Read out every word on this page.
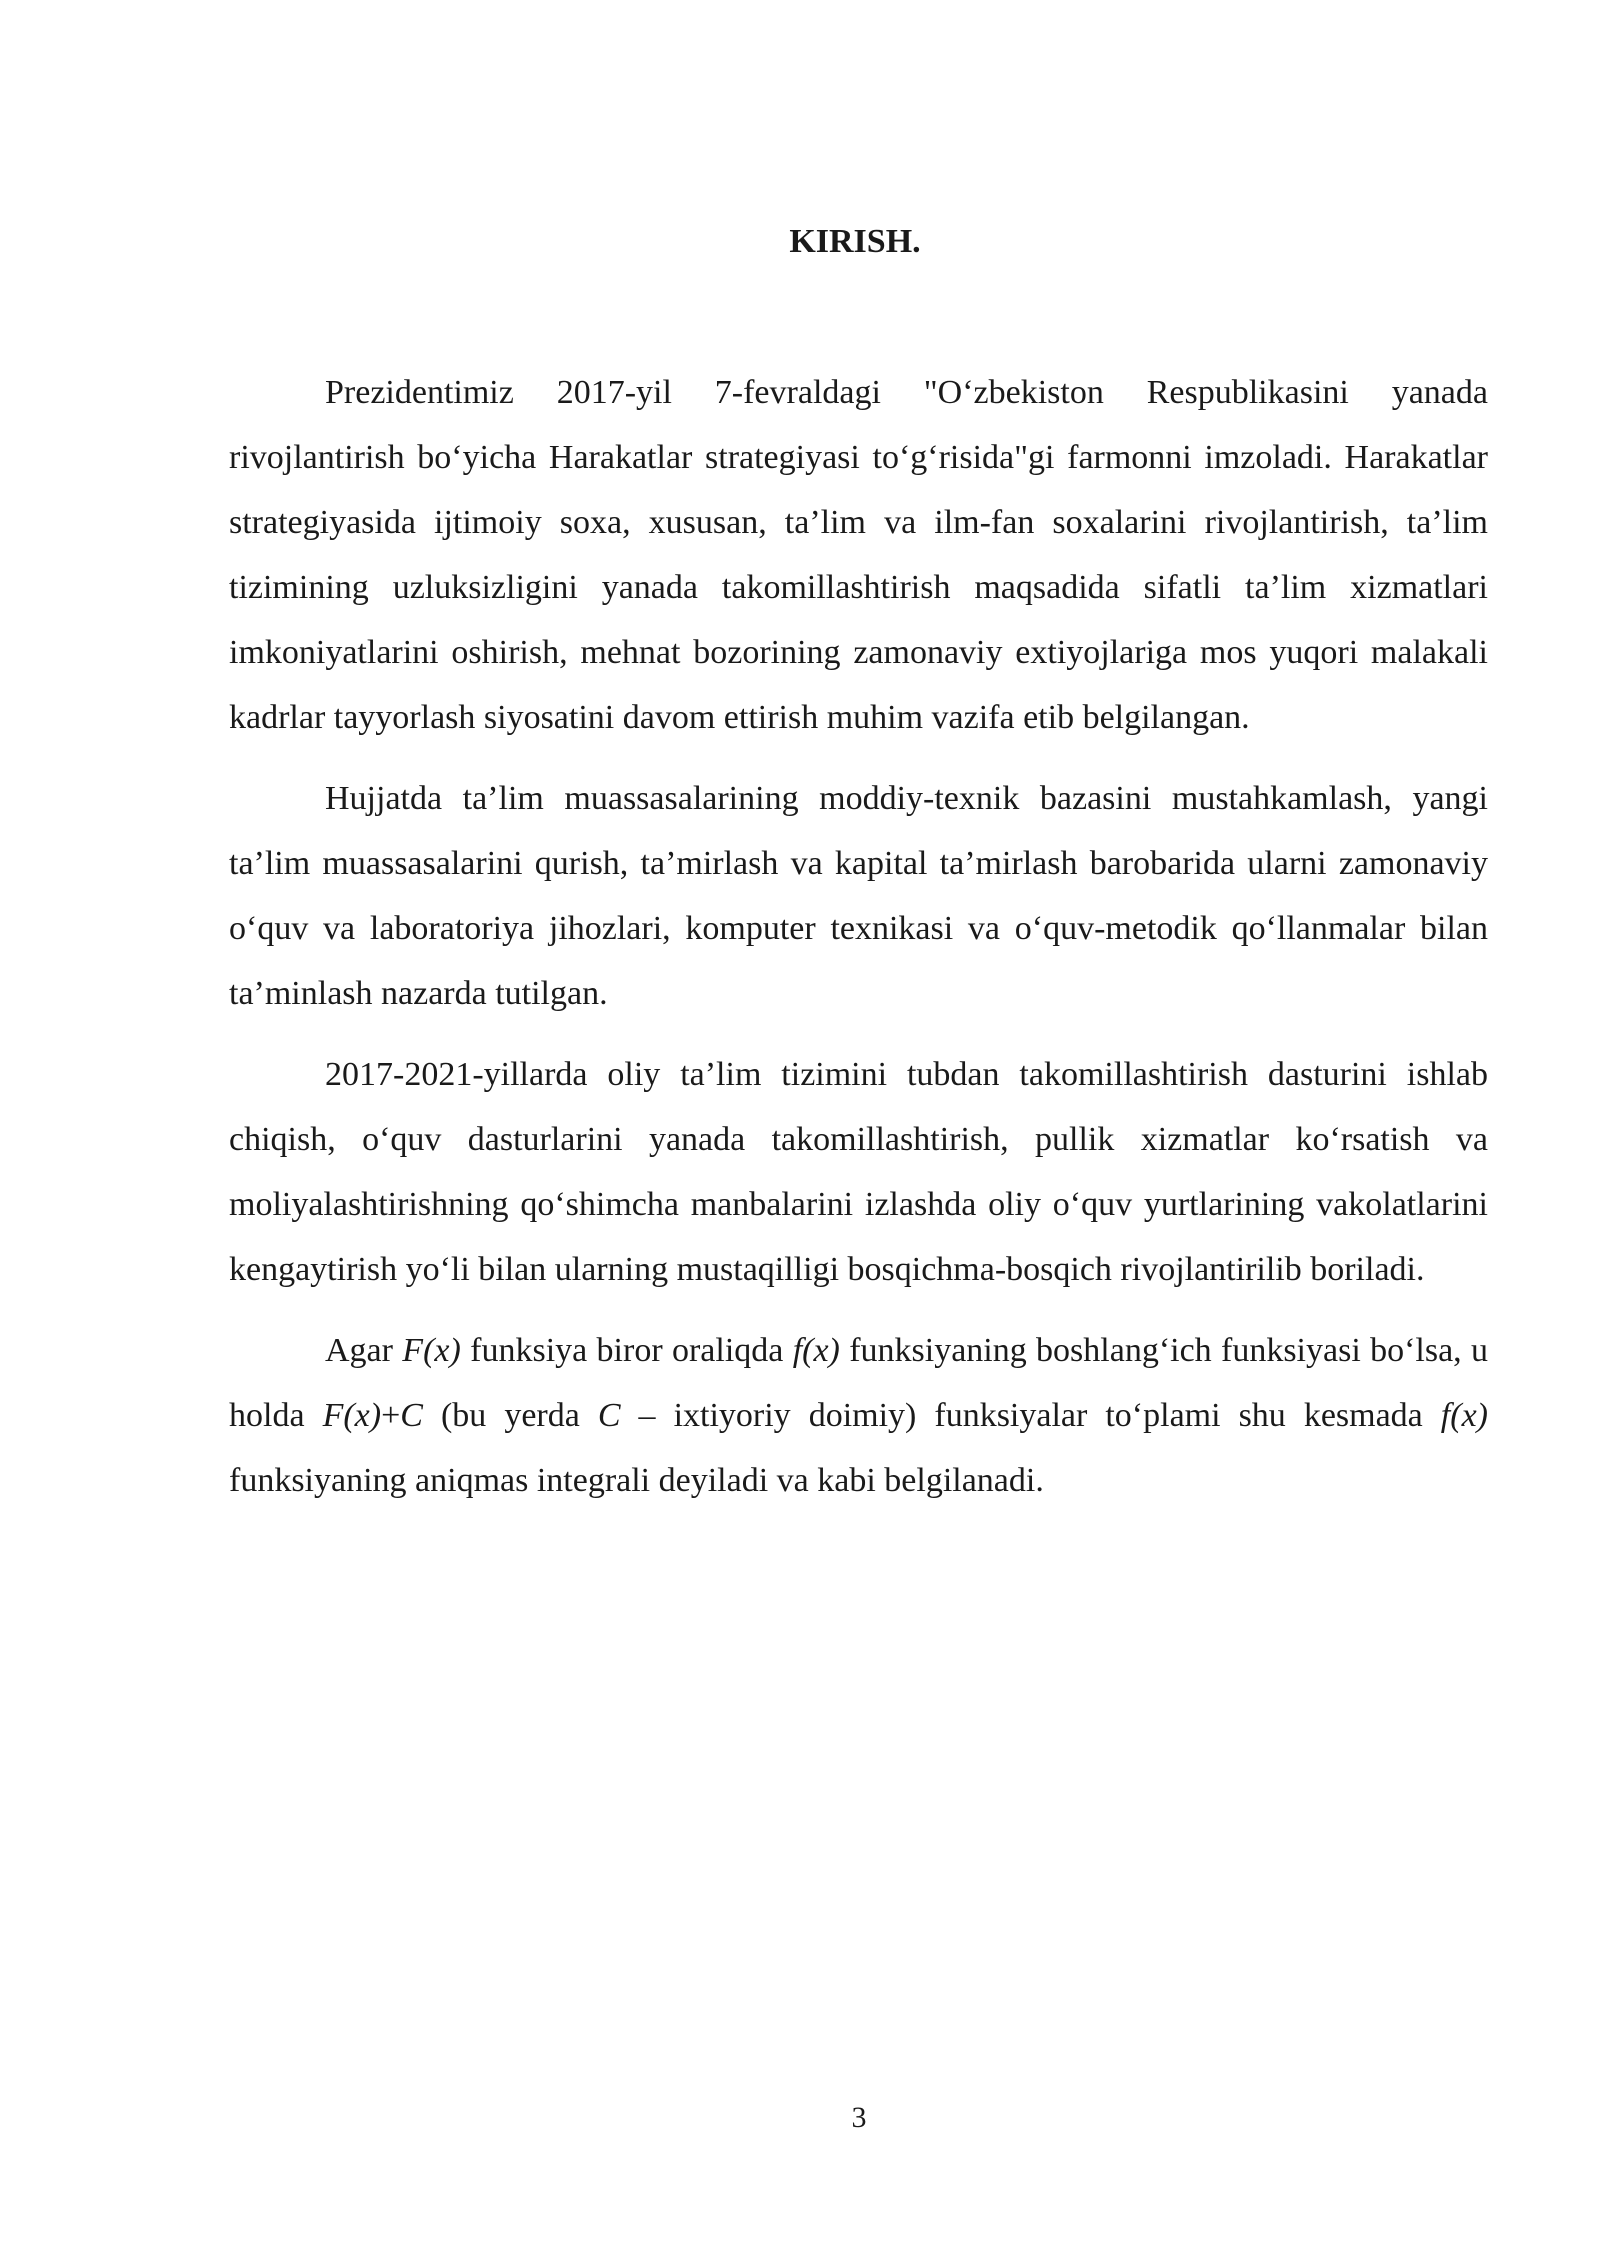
KIRISH.

Prezidentimiz 2017-yil 7-fevraldagi "O‘zbekiston Respublikasini yanada rivojlantirish bo‘yicha Harakatlar strategiyasi to‘g‘risida"gi farmonni imzoladi. Harakatlar strategiyasida ijtimoiy soxa, xususan, ta’lim va ilm-fan soxalarini rivojlantirish, ta’lim tizimining uzluksizligini yanada takomillashtirish maqsadida sifatli ta’lim xizmatlari imkoniyatlarini oshirish, mehnat bozorining zamonaviy extiyojlariga mos yuqori malakali kadrlar tayyorlash siyosatini davom ettirish muhim vazifa etib belgilangan.

Hujjatda ta’lim muassasalarining moddiy-texnik bazasini mustahkamlash, yangi ta’lim muassasalarini qurish, ta’mirlash va kapital ta’mirlash barobarida ularni zamonaviy o‘quv va laboratoriya jihozlari, komputer texnikasi va o‘quv-metodik qo‘llanmalar bilan ta’minlash nazarda tutilgan.

2017-2021-yillarda oliy ta’lim tizimini tubdan takomillashtirish dasturini ishlab chiqish, o‘quv dasturlarini yanada takomillashtirish, pullik xizmatlar ko‘rsatish va moliyalashtirishning qo‘shimcha manbalarini izlashda oliy o‘quv yurtlarining vakolatlarini kengaytirish yo‘li bilan ularning mustaqilligi bosqichma-bosqich rivojlantirilib boriladi.

Agar F(x) funksiya biror oraliqda f(x) funksiyaning boshlang‘ich funksiyasi bo‘lsa, u holda F(x)+C (bu yerda C – ixtiyoriy doimiy) funksiyalar to‘plami shu kesmada f(x) funksiyaning aniqmas integrali deyiladi va kabi belgilanadi.

3
